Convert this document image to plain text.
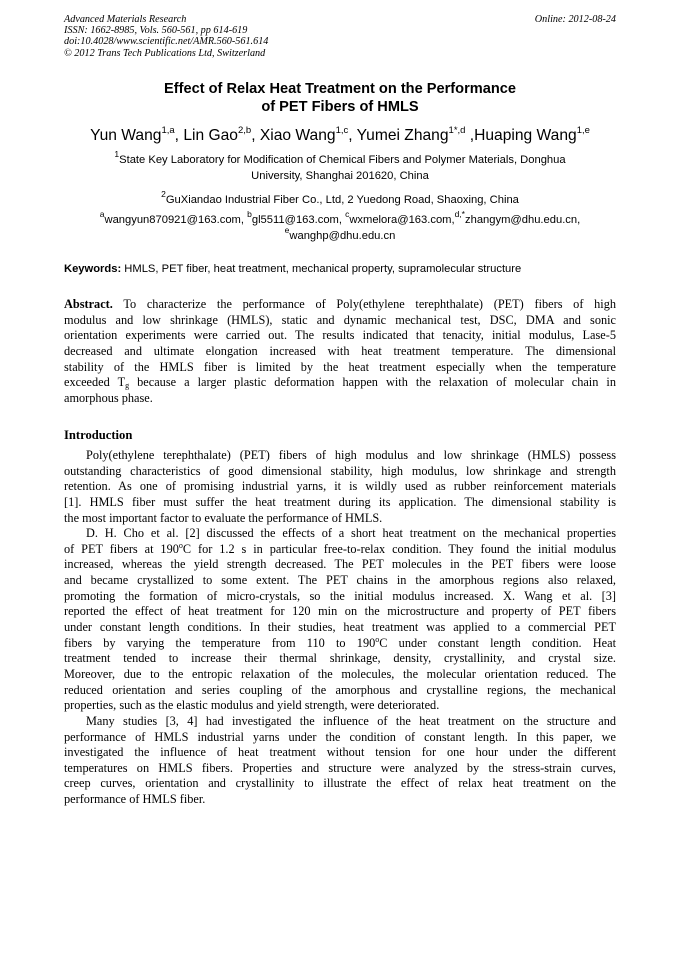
Advanced Materials Research
ISSN: 1662-8985, Vols. 560-561, pp 614-619
doi:10.4028/www.scientific.net/AMR.560-561.614
© 2012 Trans Tech Publications Ltd, Switzerland
Online: 2012-08-24
Effect of Relax Heat Treatment on the Performance
of PET Fibers of HMLS
Yun Wang$^{1,a}$, Lin Gao$^{2,b}$, Xiao Wang$^{1,c}$, Yumei Zhang$^{1*,d}$ ,Huaping Wang$^{1,e}$
$^1$State Key Laboratory for Modification of Chemical Fibers and Polymer Materials, Donghua
University, Shanghai 201620, China
$^2$GuXiandao Industrial Fiber Co., Ltd, 2 Yuedong Road, Shaoxing, China
$^a$wangyun870921@163.com, $^b$gl5511@163.com, $^c$wxmelora@163.com,$^{d,*}$zhangym@dhu.edu.cn,
$^e$wanghp@dhu.edu.cn
Keywords: HMLS, PET fiber, heat treatment, mechanical property, supramolecular structure
Abstract. To characterize the performance of Poly(ethylene terephthalate) (PET) fibers of high
modulus and low shrinkage (HMLS), static and dynamic mechanical test, DSC, DMA and sonic
orientation experiments were carried out. The results indicated that tenacity, initial modulus, Lase-5
decreased and ultimate elongation increased with heat treatment temperature. The dimensional
stability of the HMLS fiber is limited by the heat treatment especially when the temperature
exceeded $T_g$ because a larger plastic deformation happen with the relaxation of molecular chain in
amorphous phase.
Introduction
Poly(ethylene terephthalate) (PET) fibers of high modulus and low shrinkage (HMLS) possess
outstanding characteristics of good dimensional stability, high modulus, low shrinkage and strength
retention. As one of promising industrial yarns, it is wildly used as rubber reinforcement materials
[1]. HMLS fiber must suffer the heat treatment during its application. The dimensional stability is
the most important factor to evaluate the performance of HMLS.
D. H. Cho et al. [2] discussed the effects of a short heat treatment on the mechanical properties
of PET fibers at 190$^o$C for 1.2 s in particular free-to-relax condition. They found the initial modulus
increased, whereas the yield strength decreased. The PET molecules in the PET fibers were loose
and became crystallized to some extent. The PET chains in the amorphous regions also relaxed,
promoting the formation of micro-crystals, so the initial modulus increased. X. Wang et al. [3]
reported the effect of heat treatment for 120 min on the microstructure and property of PET fibers
under constant length conditions. In their studies, heat treatment was applied to a commercial PET
fibers by varying the temperature from 110 to 190$^o$C under constant length condition. Heat
treatment tended to increase their thermal shrinkage, density, crystallinity, and crystal size.
Moreover, due to the entropic relaxation of the molecules, the molecular orientation reduced. The
reduced orientation and series coupling of the amorphous and crystalline regions, the mechanical
properties, such as the elastic modulus and yield strength, were deteriorated.
Many studies [3, 4] had investigated the influence of the heat treatment on the structure and
performance of HMLS industrial yarns under the condition of constant length. In this paper, we
investigated the influence of heat treatment without tension for one hour under the different
temperatures on HMLS fibers. Properties and structure were analyzed by the stress-strain curves,
creep curves, orientation and crystallinity to illustrate the effect of relax heat treatment on the
performance of HMLS fiber.
